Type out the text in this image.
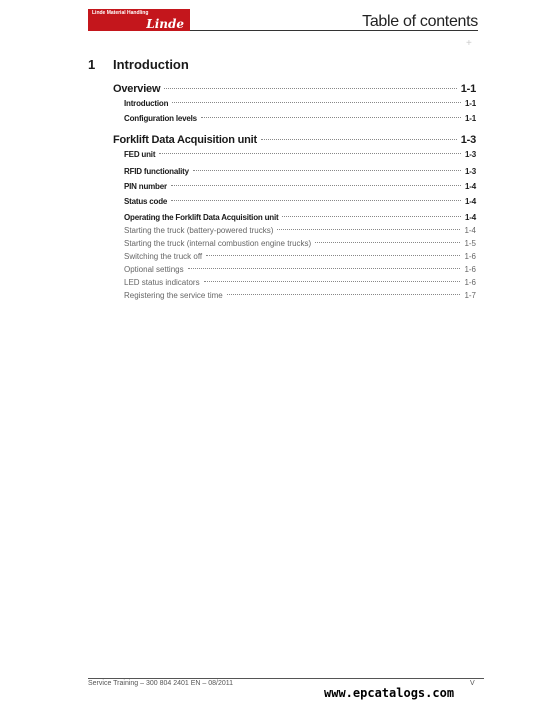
Linde Material Handling
Linde	Table of contents
+
1 Introduction
Overview	1-1
Introduction	1-1
Configuration levels	1-1
Forklift Data Acquisition unit	1-3
FED unit	1-3
RFID functionality	1-3
PIN number	1-4
Status code	1-4
Operating the Forklift Data Acquisition unit	1-4
Starting the truck (battery-powered trucks)	1-4
Starting the truck (internal combustion engine trucks)	1-5
Switching the truck off	1-6
Optional settings	1-6
LED status indicators	1-6
Registering the service time	1-7
Service Training – 300 804 2401 EN – 08/2011	V
www.epcatalogs.com
